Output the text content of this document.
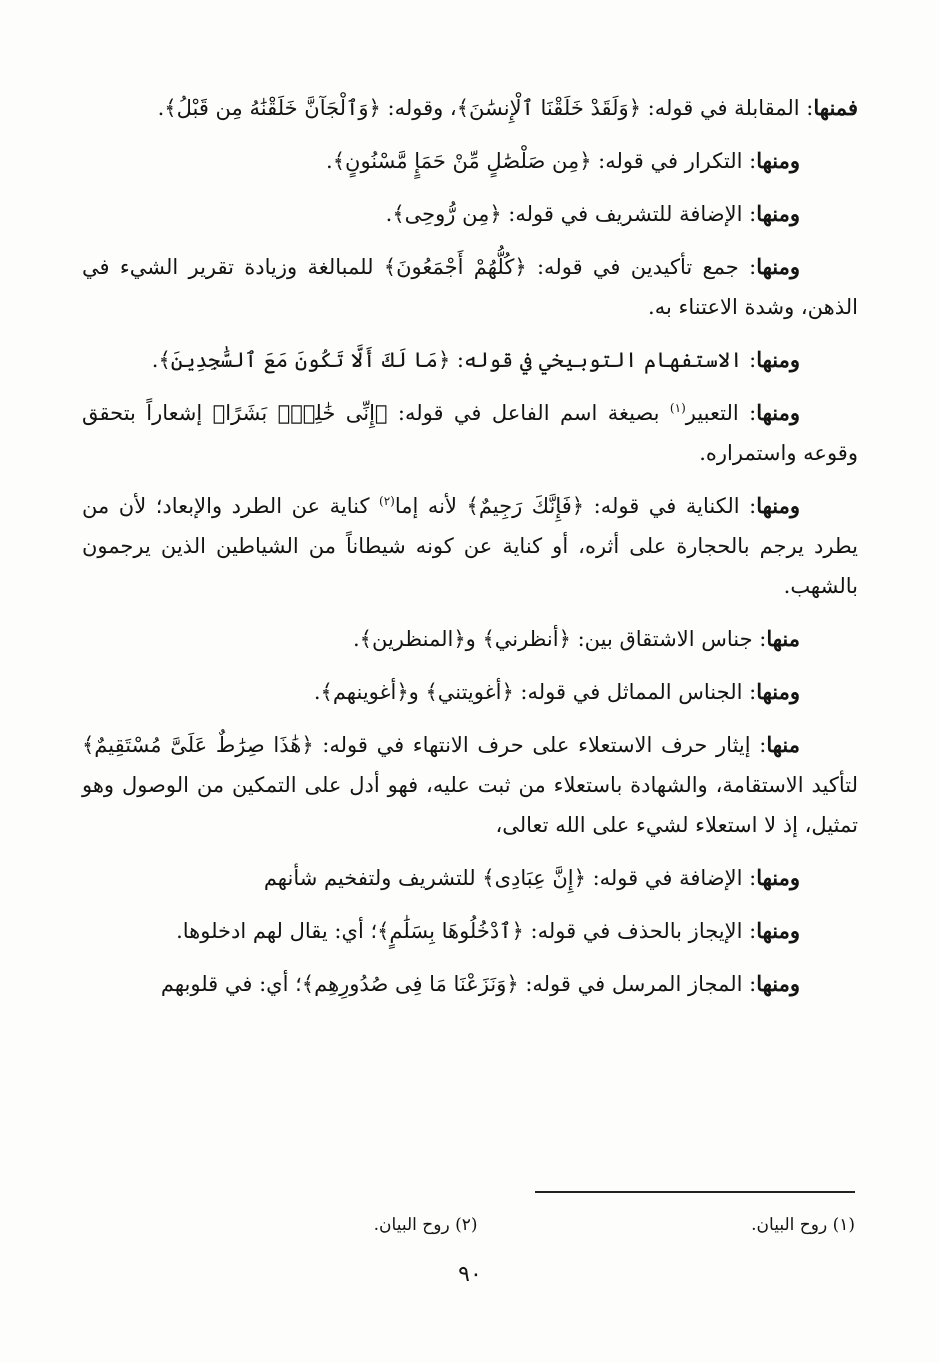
فمنها: المقابلة في قوله: ﴿وَلَقَدْ خَلَقْنَا ٱلْإِنسَٰنَ﴾، وقوله: ﴿وَٱلْجَآنَّ خَلَقْنَٰهُ مِن قَبْلُ﴾.

ومنها: التكرار في قوله: ﴿مِن صَلْصَٰلٍ مِّنْ حَمَإٍ مَّسْنُونٍ﴾.

ومنها: الإضافة للتشريف في قوله: ﴿مِن رُّوحِى﴾.

ومنها: جمع تأكيدين في قوله: ﴿كُلُّهُمْ أَجْمَعُونَ﴾ للمبالغة وزيادة تقرير الشيء في الذهن، وشدة الاعتناء به.

ومنها: الاستفهام التوبيخي في قوله: ﴿مَا لَكَ أَلَّا تَكُونَ مَعَ ٱلسَّٰجِدِينَ﴾.

ومنها: التعبير$^{(١)}$ بصيغة اسم الفاعل في قوله: ﴿إِنِّى خَٰلِقٌۢ بَشَرًا﴾ إشعاراً بتحقق وقوعه واستمراره.

ومنها: الكناية في قوله: ﴿فَإِنَّكَ رَجِيمٌ﴾ لأنه إما$^{(٢)}$ كناية عن الطرد والإبعاد؛ لأن من يطرد يرجم بالحجارة على أثره، أو كناية عن كونه شيطاناً من الشياطين الذين يرجمون بالشهب.

منها: جناس الاشتقاق بين: ﴿أنظرني﴾ و﴿المنظرين﴾.

ومنها: الجناس المماثل في قوله: ﴿أغويتني﴾ و﴿أغوينهم﴾.

منها: إيثار حرف الاستعلاء على حرف الانتهاء في قوله: ﴿هَٰذَا صِرَٰطٌ عَلَىَّ مُسْتَقِيمٌ﴾ لتأكيد الاستقامة، والشهادة باستعلاء من ثبت عليه، فهو أدل على التمكين من الوصول وهو تمثيل، إذ لا استعلاء لشيء على الله تعالى،

ومنها: الإضافة في قوله: ﴿إِنَّ عِبَادِى﴾ للتشريف ولتفخيم شأنهم

ومنها: الإيجاز بالحذف في قوله: ﴿ٱدْخُلُوهَا بِسَلَٰمٍ﴾؛ أي: يقال لهم ادخلوها.

ومنها: المجاز المرسل في قوله: ﴿وَنَزَعْنَا مَا فِى صُدُورِهِم﴾؛ أي: في قلوبهم

(١) روح البيان.
(٢) روح البيان.
٩٠
